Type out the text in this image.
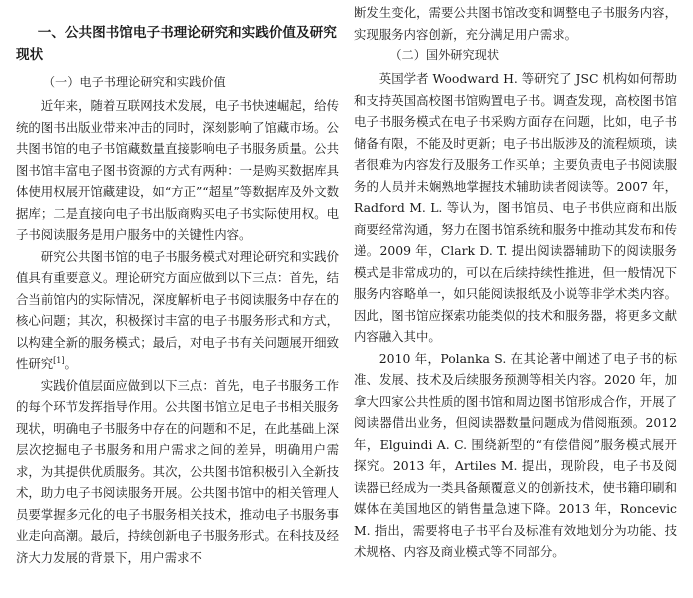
一、公共图书馆电子书理论研究和实践价值及研究现状
（一）电子书理论研究和实践价值

近年来，随着互联网技术发展，电子书快速崛起，给传统的图书出版业带来冲击的同时，深刻影响了馆藏市场。公共图书馆的电子书馆藏数量直接影响电子书服务质量。公共图书馆丰富电子图书资源的方式有两种：一是购买数据库具体使用权展开馆藏建设，如“方正”“超星”等数据库及外文数据库；二是直接向电子书出版商购买电子书实际使用权。电子书阅读服务是用户服务中的关键性内容。

研究公共图书馆的电子书服务模式对理论研究和实践价值具有重要意义。理论研究方面应做到以下三点：首先，结合当前馆内的实际情况，深度解析电子书阅读服务中存在的核心问题；其次，积极探讨丰富的电子书服务形式和方式，以构建全新的服务模式；最后，对电子书有关问题展开细致性研究[1]。

实践价值层面应做到以下三点：首先，电子书服务工作的每个环节发挥指导作用。公共图书馆立足电子书相关服务现状，明确电子书服务中存在的问题和不足，在此基础上深层次挖掘电子书服务和用户需求之间的差异，明确用户需求，为其提供优质服务。其次，公共图书馆积极引入全新技术，助力电子书阅读服务开展。公共图书馆中的相关管理人员要掌握多元化的电子书服务相关技术，推动电子书服务事业走向高潮。最后，持续创新电子书服务形式。在科技及经济大力发展的背景下，用户需求不

断发生变化，需要公共图书馆改变和调整电子书服务内容，实现服务内容创新，充分满足用户需求。

（二）国外研究现状

英国学者 Woodward H. 等研究了 JSC 机构如何帮助和支持英国高校图书馆购置电子书。调查发现，高校图书馆电子书服务模式在电子书采购方面存在问题，比如，电子书储备有限，不能及时更新；电子书出版涉及的流程烦琐，读者很难为内容发行及服务工作买单；主要负责电子书阅读服务的人员并未娴熟地掌握技术辅助读者阅读等。2007 年，Radford M. L. 等认为，图书馆员、电子书供应商和出版商要经常沟通，努力在图书馆系统和服务中推动其发布和传递。2009 年，Clark D. T. 提出阅读器辅助下的阅读服务模式是非常成功的，可以在后续持续性推进，但一般情况下服务内容略单一，如只能阅读报纸及小说等非学术类内容。因此，图书馆应探索功能类似的技术和服务器，将更多文献内容融入其中。

2010 年，Polanka S. 在其论著中阐述了电子书的标准、发展、技术及后续服务预测等相关内容。2020 年，加拿大四家公共性质的图书馆和周边图书馆形成合作，开展了阅读器借出业务，但阅读器数量问题成为借阅瓶颈。2012 年，Elguindi A. C. 围绕新型的“有偿借阅”服务模式展开探究。2013 年，Artiles M. 提出，现阶段，电子书及阅读器已经成为一类具备颠覆意义的创新技术，使书籍印刷和媒体在美国地区的销售量急速下降。2013 年，Roncevic M. 指出，需要将电子书平台及标准有效地划分为功能、技术规格、内容及商业模式等不同部分。
